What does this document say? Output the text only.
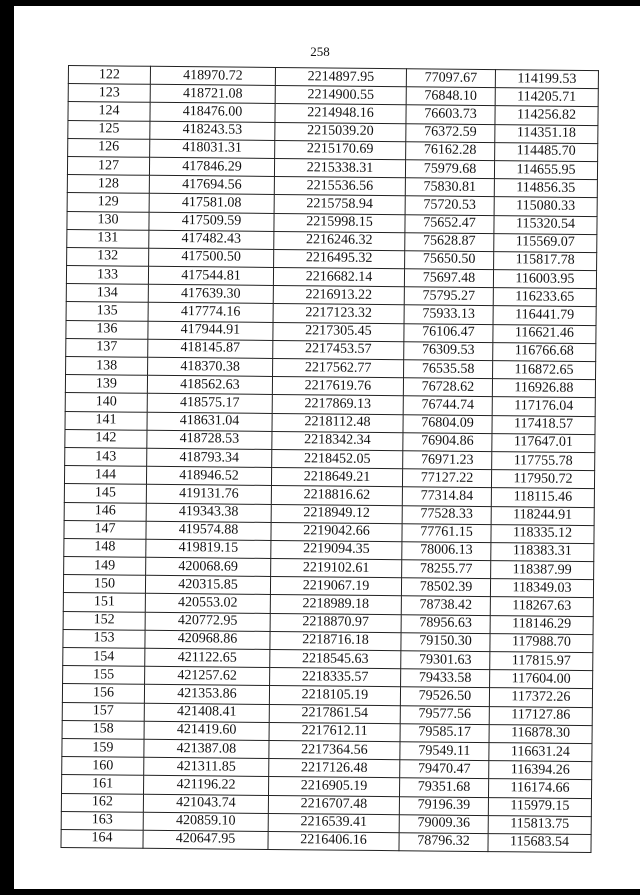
258
122	418970.72	2214897.95	77097.67	114199.53
123	418721.08	2214900.55	76848.10	114205.71
124	418476.00	2214948.16	76603.73	114256.82
125	418243.53	2215039.20	76372.59	114351.18
126	418031.31	2215170.69	76162.28	114485.70
127	417846.29	2215338.31	75979.68	114655.95
128	417694.56	2215536.56	75830.81	114856.35
129	417581.08	2215758.94	75720.53	115080.33
130	417509.59	2215998.15	75652.47	115320.54
131	417482.43	2216246.32	75628.87	115569.07
132	417500.50	2216495.32	75650.50	115817.78
133	417544.81	2216682.14	75697.48	116003.95
134	417639.30	2216913.22	75795.27	116233.65
135	417774.16	2217123.32	75933.13	116441.79
136	417944.91	2217305.45	76106.47	116621.46
137	418145.87	2217453.57	76309.53	116766.68
138	418370.38	2217562.77	76535.58	116872.65
139	418562.63	2217619.76	76728.62	116926.88
140	418575.17	2217869.13	76744.74	117176.04
141	418631.04	2218112.48	76804.09	117418.57
142	418728.53	2218342.34	76904.86	117647.01
143	418793.34	2218452.05	76971.23	117755.78
144	418946.52	2218649.21	77127.22	117950.72
145	419131.76	2218816.62	77314.84	118115.46
146	419343.38	2218949.12	77528.33	118244.91
147	419574.88	2219042.66	77761.15	118335.12
148	419819.15	2219094.35	78006.13	118383.31
149	420068.69	2219102.61	78255.77	118387.99
150	420315.85	2219067.19	78502.39	118349.03
151	420553.02	2218989.18	78738.42	118267.63
152	420772.95	2218870.97	78956.63	118146.29
153	420968.86	2218716.18	79150.30	117988.70
154	421122.65	2218545.63	79301.63	117815.97
155	421257.62	2218335.57	79433.58	117604.00
156	421353.86	2218105.19	79526.50	117372.26
157	421408.41	2217861.54	79577.56	117127.86
158	421419.60	2217612.11	79585.17	116878.30
159	421387.08	2217364.56	79549.11	116631.24
160	421311.85	2217126.48	79470.47	116394.26
161	421196.22	2216905.19	79351.68	116174.66
162	421043.74	2216707.48	79196.39	115979.15
163	420859.10	2216539.41	79009.36	115813.75
164	420647.95	2216406.16	78796.32	115683.54
